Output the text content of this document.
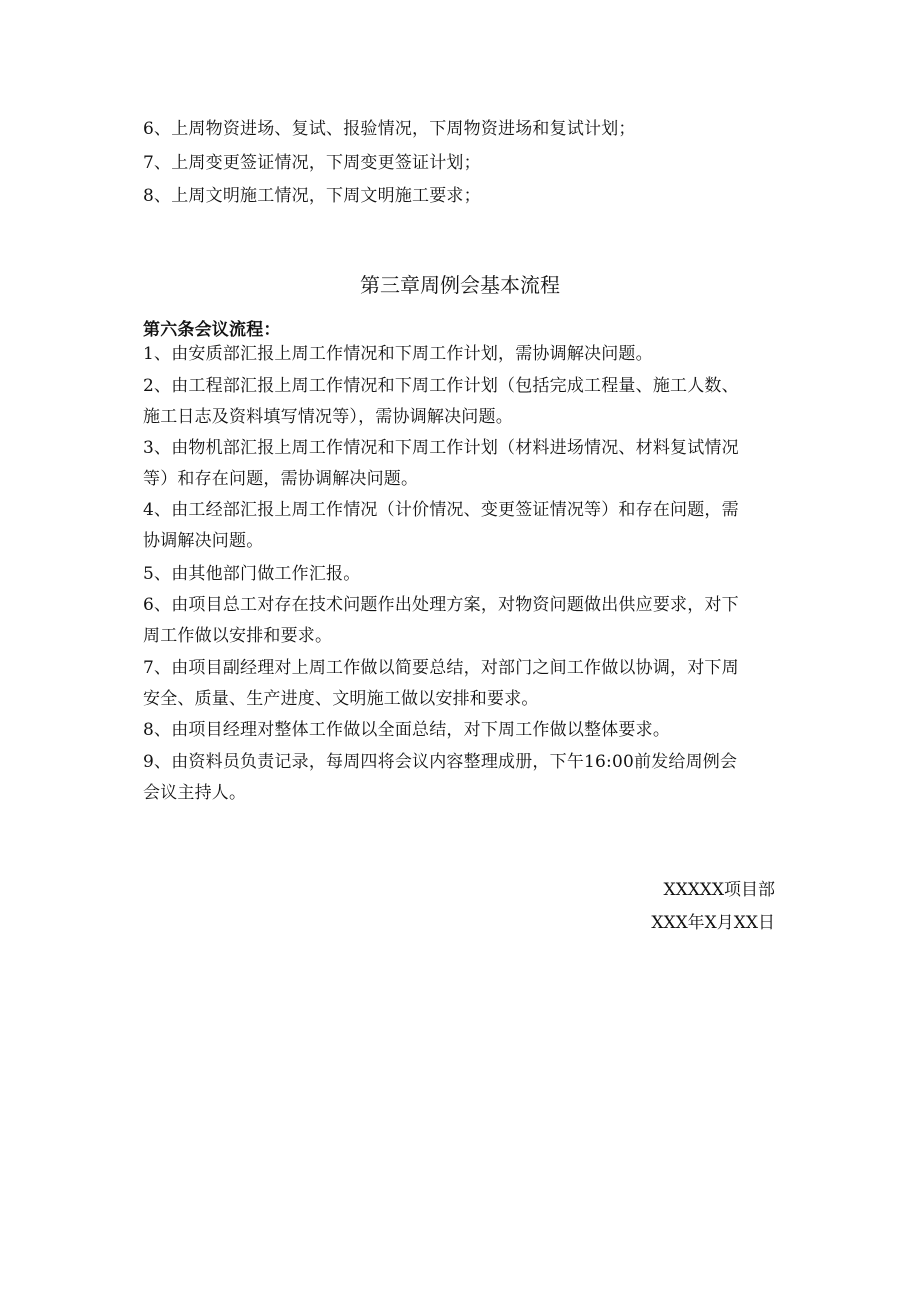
6、上周物资进场、复试、报验情况，下周物资进场和复试计划；
7、上周变更签证情况，下周变更签证计划；
8、上周文明施工情况，下周文明施工要求；
第三章周例会基本流程
第六条会议流程：
1、由安质部汇报上周工作情况和下周工作计划，需协调解决问题。
2、由工程部汇报上周工作情况和下周工作计划（包括完成工程量、施工人数、
施工日志及资料填写情况等），需协调解决问题。
3、由物机部汇报上周工作情况和下周工作计划（材料进场情况、材料复试情况
等）和存在问题，需协调解决问题。
4、由工经部汇报上周工作情况（计价情况、变更签证情况等）和存在问题，需
协调解决问题。
5、由其他部门做工作汇报。
6、由项目总工对存在技术问题作出处理方案，对物资问题做出供应要求，对下
周工作做以安排和要求。
7、由项目副经理对上周工作做以简要总结，对部门之间工作做以协调，对下周
安全、质量、生产进度、文明施工做以安排和要求。
8、由项目经理对整体工作做以全面总结，对下周工作做以整体要求。
9、由资料员负责记录，每周四将会议内容整理成册，下午16:00前发给周例会
会议主持人。
XXXXX项目部
XXX年X月XX日
